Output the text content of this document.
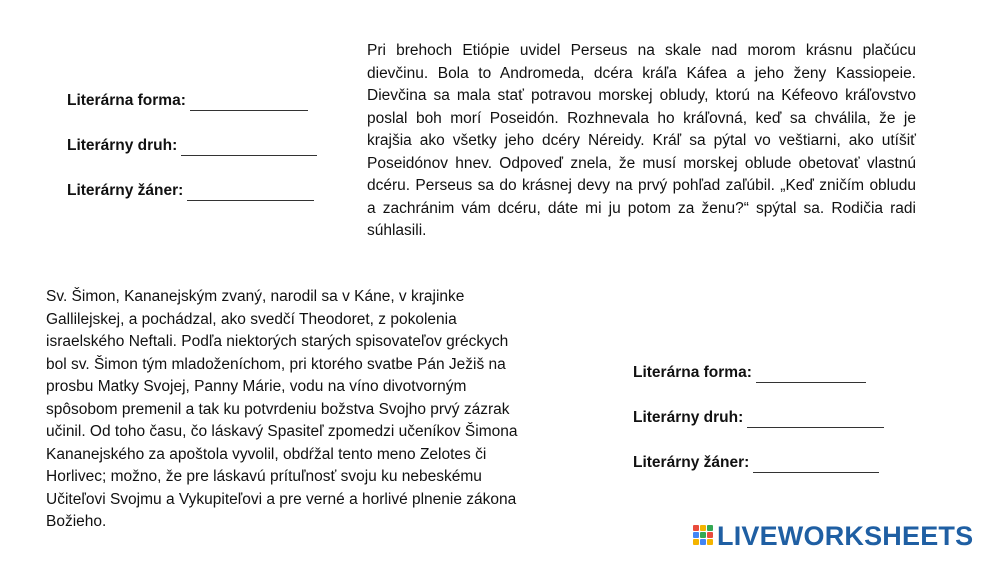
Pri brehoch Etiópie uvidel Perseus na skale nad morom krásnu plačúcu dievčinu. Bola to Andromeda, dcéra kráľa Káfea a jeho ženy Kassiopeie. Dievčina sa mala stať potravou morskej obludy, ktorú na Kéfeovo kráľovstvo poslal boh morí Poseidón. Rozhnevala ho kráľovná, keď sa chválila, že je krajšia ako všetky jeho dcéry Néreidy. Kráľ sa pýtal vo veštiarni, ako utíšiť Poseidónov hnev. Odpoveď znela, že musí morskej oblude obetovať vlastnú dcéru. Perseus sa do krásnej devy na prvý pohľad zaľúbil. „Keď zničím obludu a zachránim vám dcéru, dáte mi ju potom za ženu?“ spýtal sa. Rodičia radi súhlasili.

Literárna forma:
Literárny druh:
Literárny žáner:
Sv. Šimon, Kananejským zvaný, narodil sa v Káne, v krajinke
Gallilejskej, a pochádzal, ako svedčí Theodoret, z pokolenia
israelského Neftali. Podľa niektorých starých spisovateľov gréckych
bol sv. Šimon tým mladoženíchom, pri ktorého svatbe Pán Ježiš na
prosbu Matky Svojej, Panny Márie, vodu na víno divotvorným
spôsobom premenil a tak ku potvrdeniu božstva Svojho prvý zázrak
učinil. Od toho času, čo láskavý Spasiteľ zpomedzi učeníkov Šimona
Kananejského za apoštola vyvolil, obdŕžal tento meno Zelotes či
Horlivec; možno, že pre láskavú prítuľnosť svoju ku nebeskému
Učiteľovi Svojmu a Vykupiteľovi a pre verné a horlivé plnenie zákona
Božieho.
Literárna forma:
Literárny druh:
Literárny žáner:
LIVEWORKSHEETS
